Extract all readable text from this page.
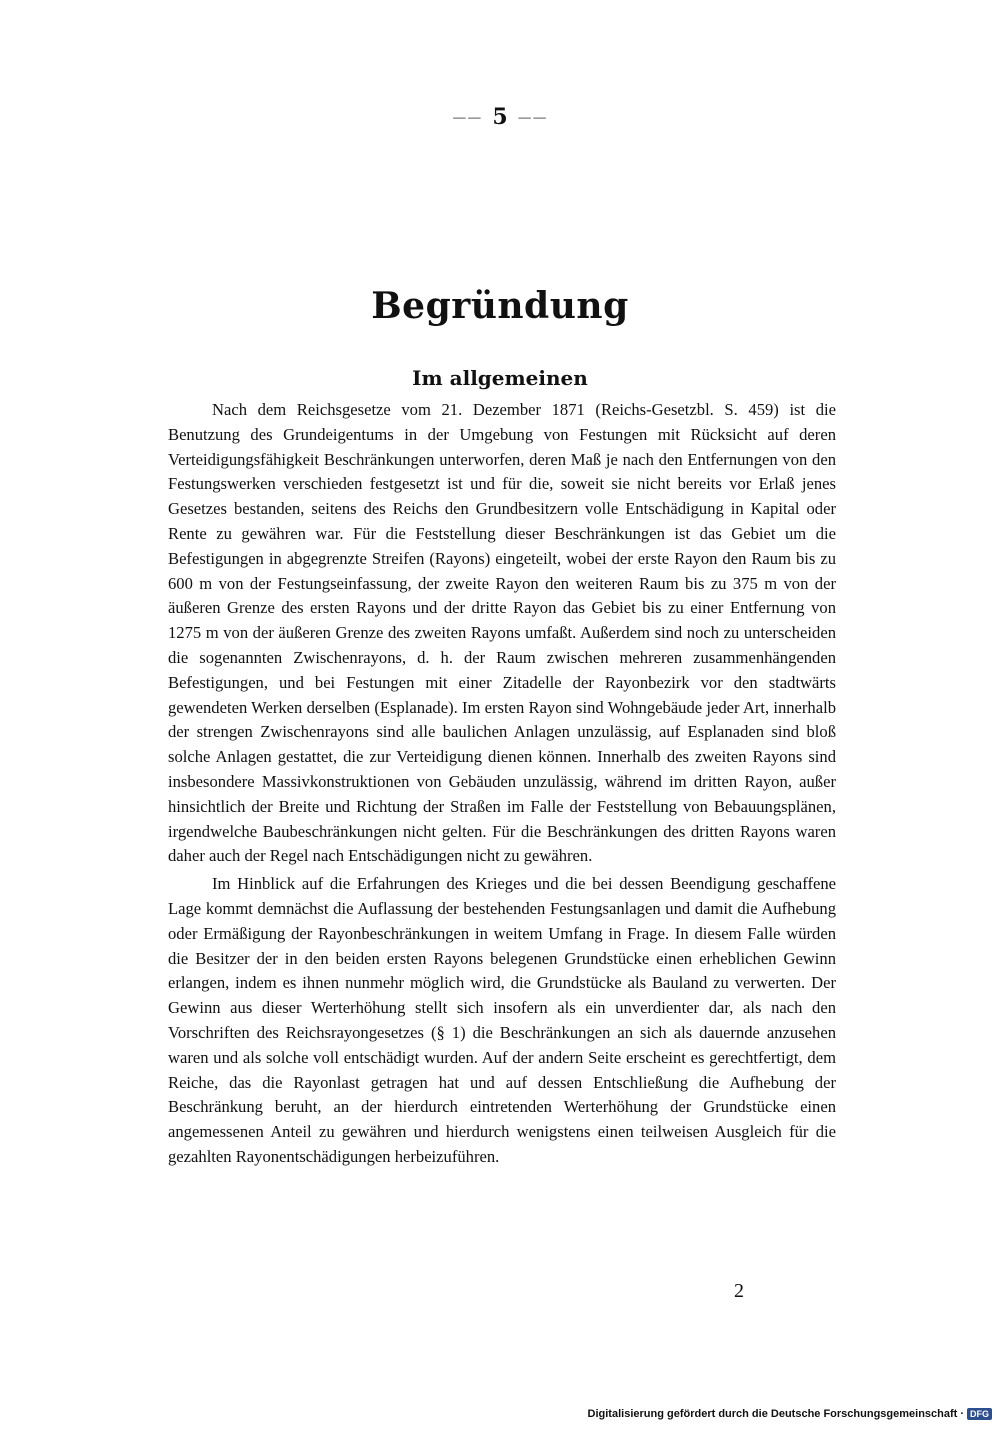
—— 5 ——
Begründung
Im allgemeinen

Nach dem Reichsgesetze vom 21. Dezember 1871 (Reichs-Gesetzbl. S. 459) ist die Benutzung des Grundeigentums in der Umgebung von Festungen mit Rücksicht auf deren Verteidigungsfähigkeit Beschränkungen unterworfen, deren Maß je nach den Entfernungen von den Festungswerken verschieden festgesetzt ist und für die, soweit sie nicht bereits vor Erlaß jenes Gesetzes bestanden, seitens des Reichs den Grundbesitzern volle Entschädigung in Kapital oder Rente zu gewähren war. Für die Feststellung dieser Beschränkungen ist das Gebiet um die Befestigungen in abgegrenzte Streifen (Rayons) eingeteilt, wobei der erste Rayon den Raum bis zu 600 m von der Festungseinfassung, der zweite Rayon den weiteren Raum bis zu 375 m von der äußeren Grenze des ersten Rayons und der dritte Rayon das Gebiet bis zu einer Entfernung von 1275 m von der äußeren Grenze des zweiten Rayons umfaßt. Außerdem sind noch zu unterscheiden die sogenannten Zwischenrayons, d. h. der Raum zwischen mehreren zusammenhängenden Befestigungen, und bei Festungen mit einer Zitadelle der Rayonbezirk vor den stadtwärts gewendeten Werken derselben (Esplanade). Im ersten Rayon sind Wohngebäude jeder Art, innerhalb der strengen Zwischenrayons sind alle baulichen Anlagen unzulässig, auf Esplanaden sind bloß solche Anlagen gestattet, die zur Verteidigung dienen können. Innerhalb des zweiten Rayons sind insbesondere Massivkonstruktionen von Gebäuden unzulässig, während im dritten Rayon, außer hinsichtlich der Breite und Richtung der Straßen im Falle der Feststellung von Bebauungsplänen, irgendwelche Baubeschränkungen nicht gelten. Für die Beschränkungen des dritten Rayons waren daher auch der Regel nach Entschädigungen nicht zu gewähren.

Im Hinblick auf die Erfahrungen des Krieges und die bei dessen Beendigung geschaffene Lage kommt demnächst die Auflassung der bestehenden Festungsanlagen und damit die Aufhebung oder Ermäßigung der Rayonbeschränkungen in weitem Umfang in Frage. In diesem Falle würden die Besitzer der in den beiden ersten Rayons belegenen Grundstücke einen erheblichen Gewinn erlangen, indem es ihnen nunmehr möglich wird, die Grundstücke als Bauland zu verwerten. Der Gewinn aus dieser Werterhöhung stellt sich insofern als ein unverdienter dar, als nach den Vorschriften des Reichsrayongesetzes (§ 1) die Beschränkungen an sich als dauernde anzusehen waren und als solche voll entschädigt wurden. Auf der andern Seite erscheint es gerechtfertigt, dem Reiche, das die Rayonlast getragen hat und auf dessen Entschließung die Aufhebung der Beschränkung beruht, an der hierdurch eintretenden Werterhöhung der Grundstücke einen angemessenen Anteil zu gewähren und hierdurch wenigstens einen teilweisen Ausgleich für die gezahlten Rayonentschädigungen herbeizuführen.

2
Digitalisierung gefördert durch die Deutsche Forschungsgemeinschaft · DFG
